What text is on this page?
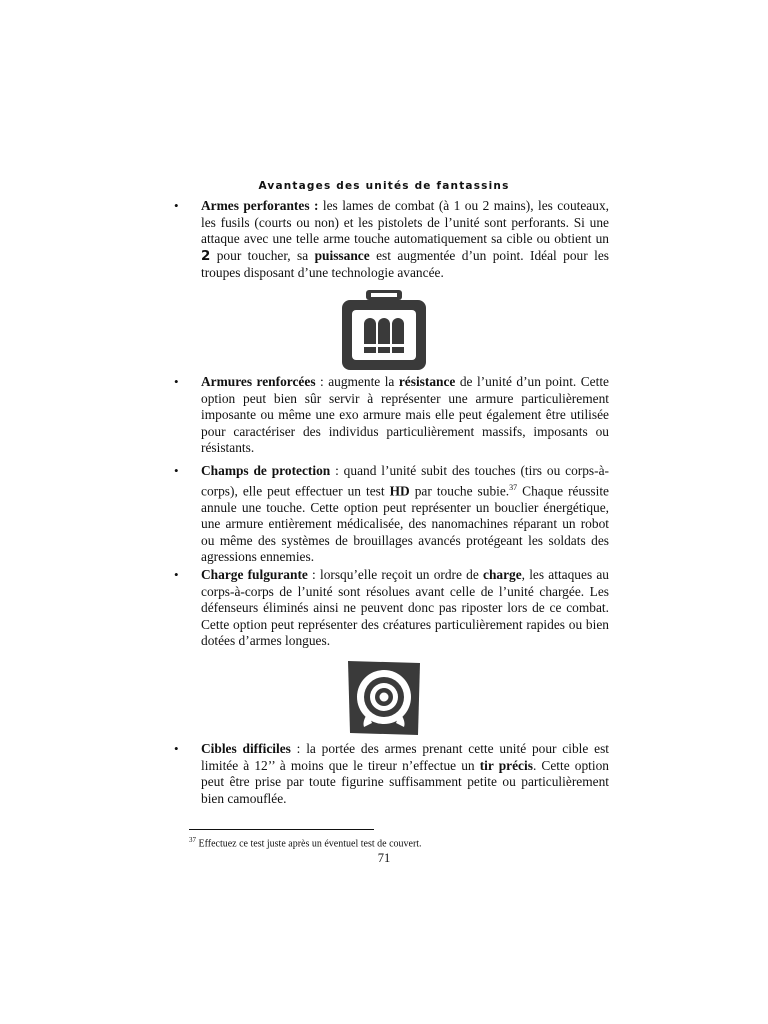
Avantages des unités de fantassins
• Armes perforantes : les lames de combat (à 1 ou 2 mains), les couteaux, les fusils (courts ou non) et les pistolets de l’unité sont perforants. Si une attaque avec une telle arme touche automatiquement sa cible ou obtient un 2 pour toucher, sa puissance est augmentée d’un point. Idéal pour les troupes disposant d’une technologie avancée.
• Armures renforcées : augmente la résistance de l’unité d’un point. Cette option peut bien sûr servir à représenter une armure particulièrement imposante ou même une exo armure mais elle peut également être utilisée pour caractériser des individus particulièrement massifs, imposants ou résistants.
• Champs de protection : quand l’unité subit des touches (tirs ou corps-à-corps), elle peut effectuer un test HD par touche subie.$^{37}$ Chaque réussite annule une touche. Cette option peut représenter un bouclier énergétique, une armure entièrement médicalisée, des nanomachines réparant un robot ou même des systèmes de brouillages avancés protégeant les soldats des agressions ennemies.
• Charge fulgurante : lorsqu’elle reçoit un ordre de charge, les attaques au corps-à-corps de l’unité sont résolues avant celle de l’unité chargée. Les défenseurs éliminés ainsi ne peuvent donc pas riposter lors de ce combat. Cette option peut représenter des créatures particulièrement rapides ou bien dotées d’armes longues.
• Cibles difficiles : la portée des armes prenant cette unité pour cible est limitée à 12’’ à moins que le tireur n’effectue un tir précis. Cette option peut être prise par toute figurine suffisamment petite ou particulièrement bien camouflée.
$^{37}$ Effectuez ce test juste après un éventuel test de couvert.
71
